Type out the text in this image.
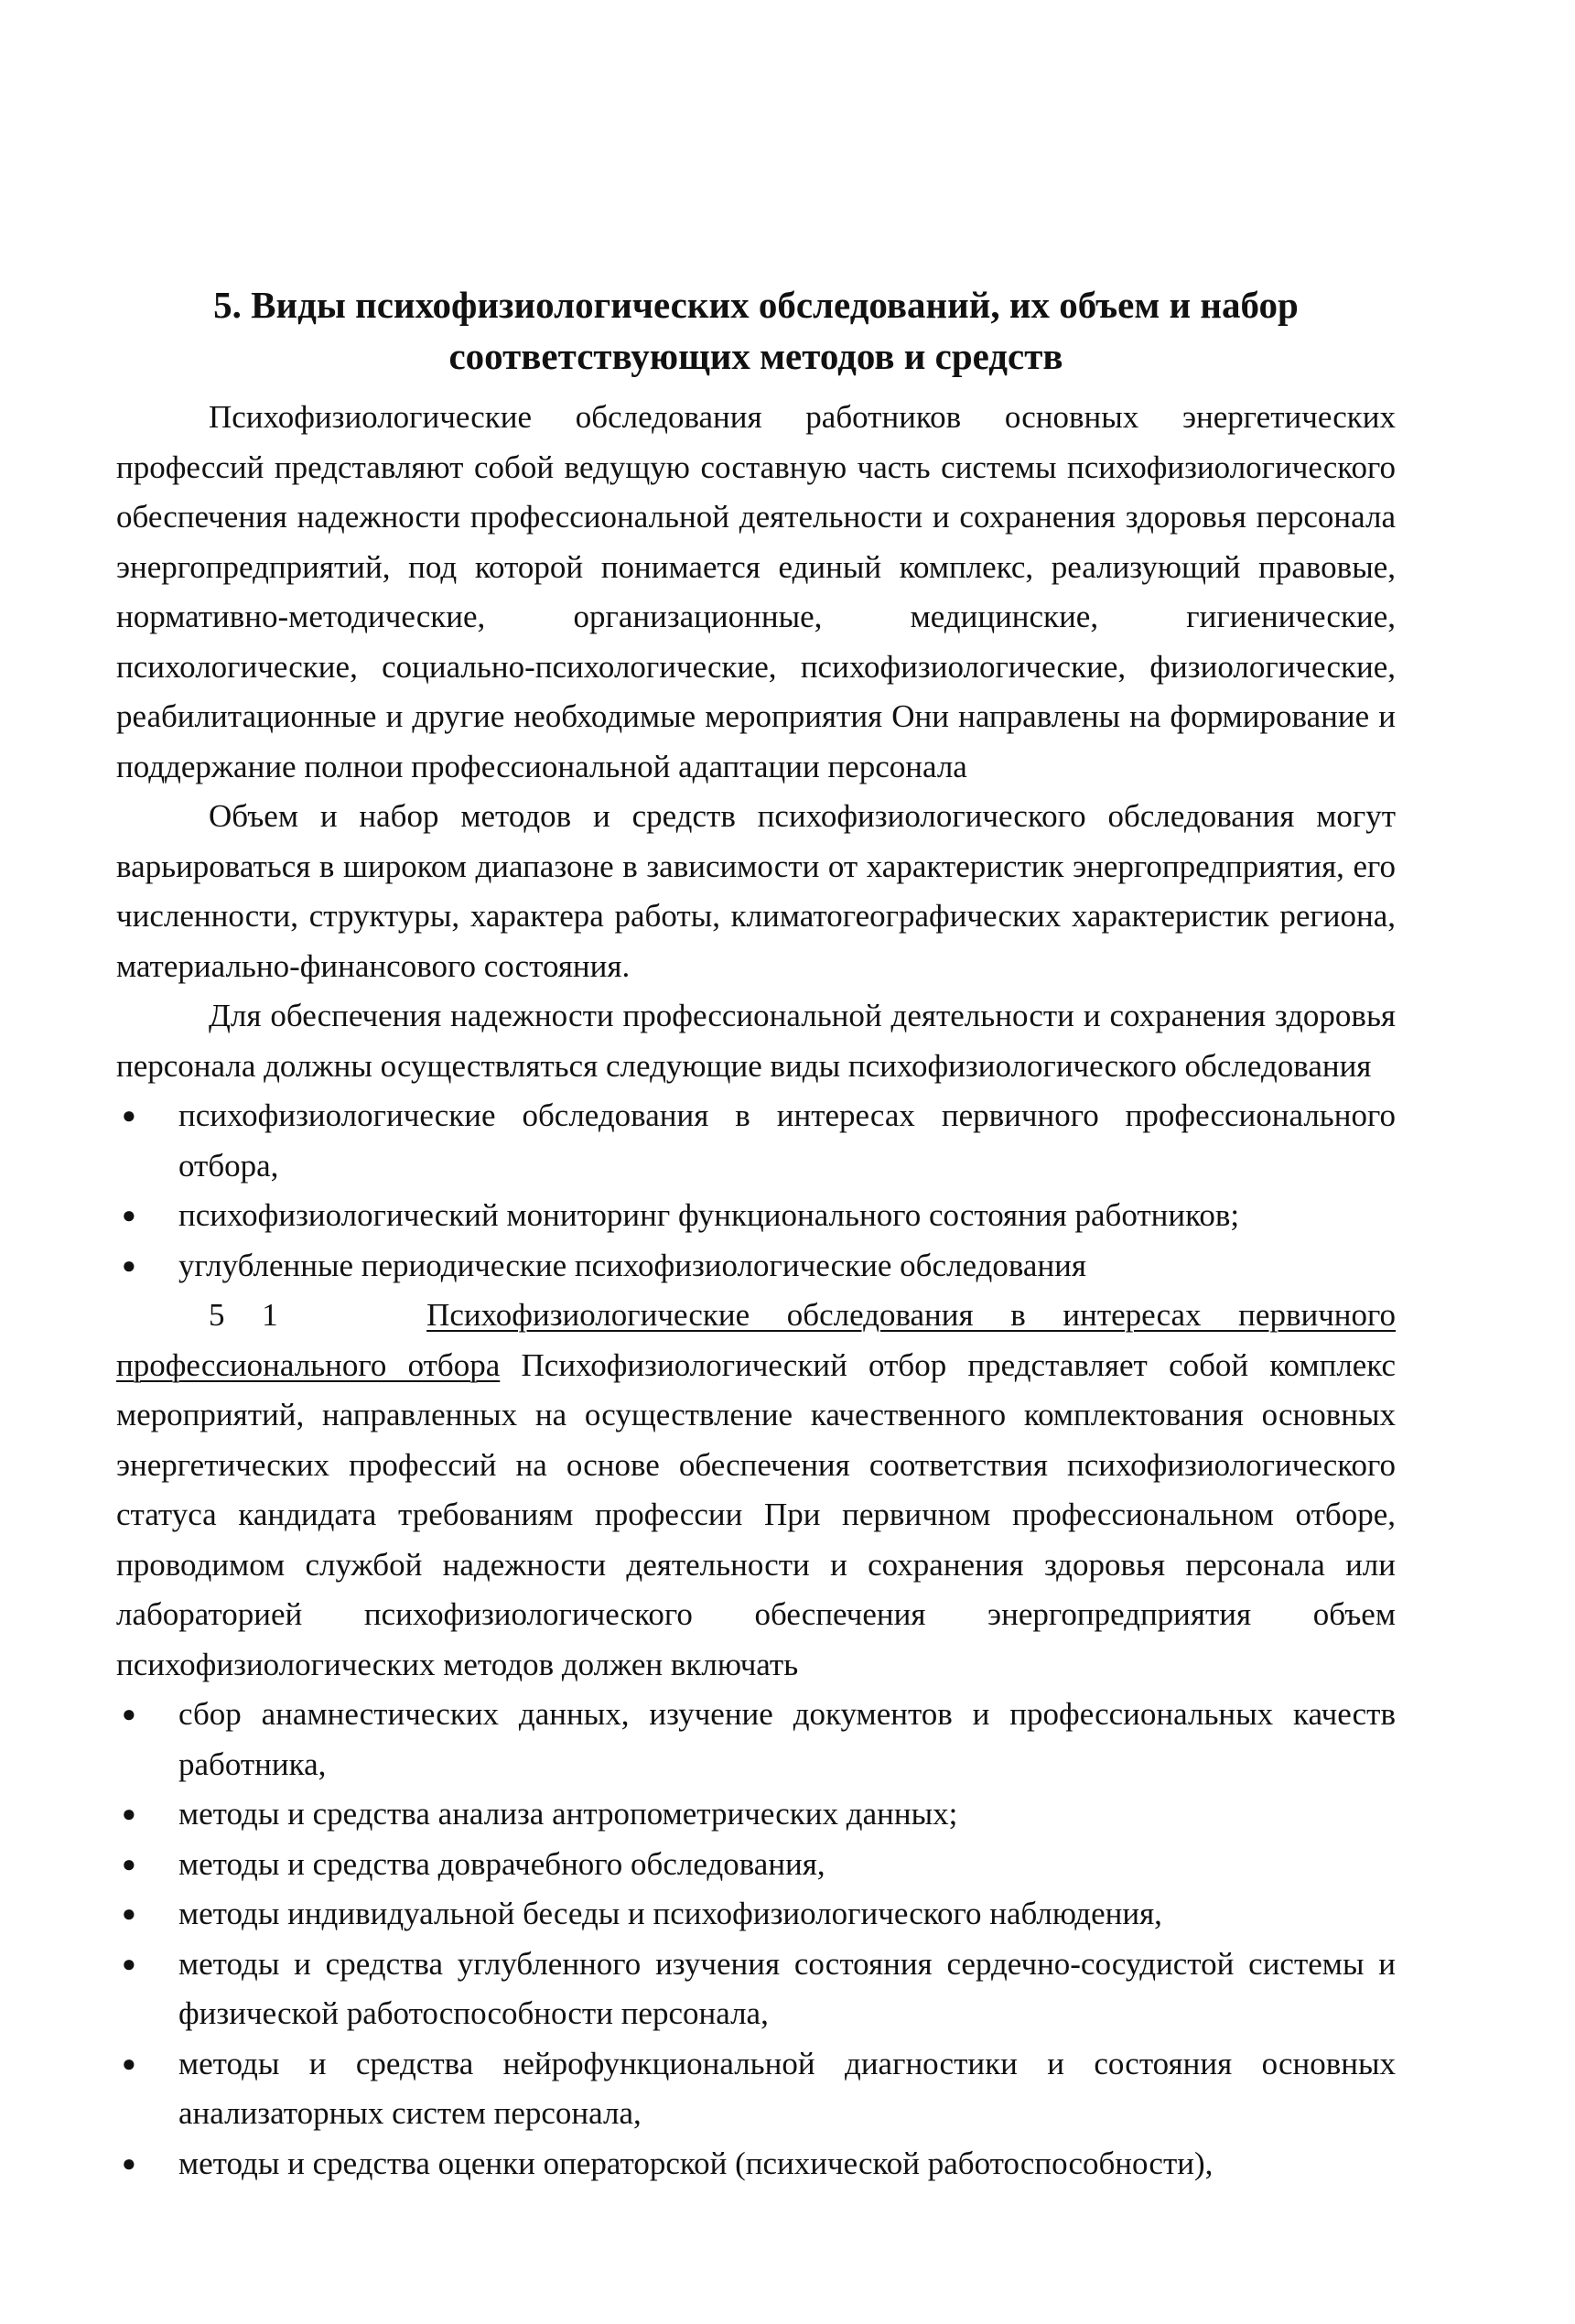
5. Виды психофизиологических обследований, их объем и набор соответствующих методов и средств

Психофизиологические обследования работников основных энергетических профессий представляют собой ведущую составную часть системы психофизиологического обеспечения надежности профессиональной деятельности и сохранения здоровья персонала энергопредприятий, под которой понимается единый комплекс, реализующий правовые, нормативно-методические, организационные, медицинские, гигиенические, психологические, социально-психологические, психофизиологические, физиологические, реабилитационные и другие необходимые мероприятия Они направлены на формирование и поддержание полнои профессиональной адаптации персонала

Объем и набор методов и средств психофизиологического обследования могут варьироваться в широком диапазоне в зависимости от характеристик энергопредприятия, его численности, структуры, характера работы, климатогеографических характеристик региона, материально-финансового состояния.

Для обеспечения надежности профессиональной деятельности и сохранения здоровья персонала должны осуществляться следующие виды психофизиологического обследования

● психофизиологические обследования в интересах первичного профессионального отбора,
● психофизиологический мониторинг функционального состояния работников;
● углубленные периодические психофизиологические обследования

5 1	Психофизиологические обследования в интересах первичного профессионального отбора Психофизиологический отбор представляет собой комплекс мероприятий, направленных на осуществление качественного комплектования основных энергетических профессий на основе обеспечения соответствия психофизиологического статуса кандидата требованиям профессии При первичном профессиональном отборе, проводимом службой надежности деятельности и сохранения здоровья персонала или лабораторией психофизиологического обеспечения энергопредприятия объем психофизиологических методов должен включать

● сбор анамнестических данных, изучение документов и профессиональных качеств работника,
● методы и средства анализа антропометрических данных;
● методы и средства доврачебного обследования,
● методы индивидуальной беседы и психофизиологического наблюдения,
● методы и средства углубленного изучения состояния сердечно-сосудистой системы и физической работоспособности персонала,
● методы и средства нейрофункциональной диагностики и состояния основных анализаторных систем персонала,
● методы и средства оценки операторской (психической работоспособности),
